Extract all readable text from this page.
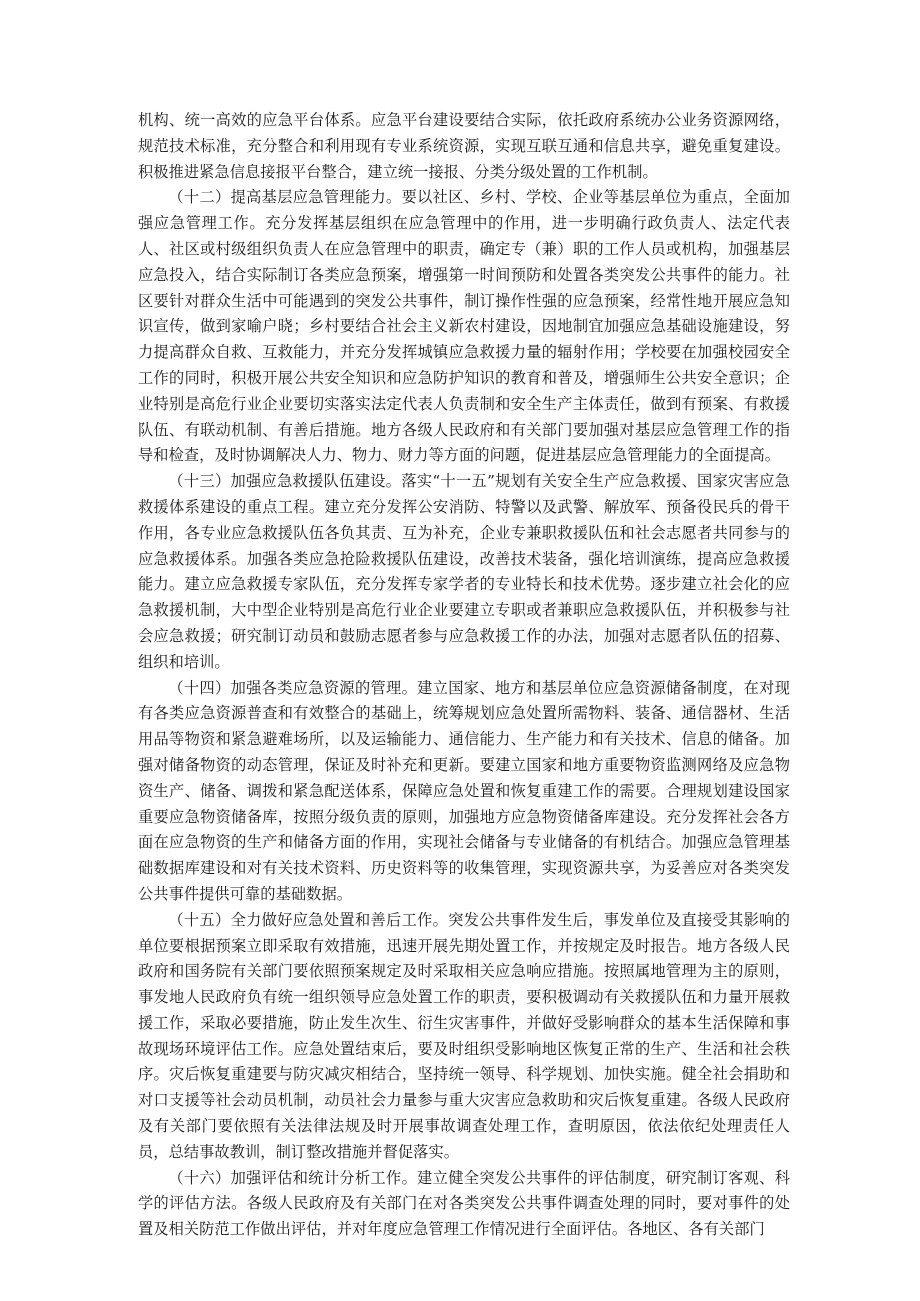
机构、统一高效的应急平台体系。应急平台建设要结合实际，依托政府系统办公业务资源网络，规范技术标准，充分整合和利用现有专业系统资源，实现互联互通和信息共享，避免重复建设。积极推进紧急信息接报平台整合，建立统一接报、分类分级处置的工作机制。

（十二）提高基层应急管理能力。要以社区、乡村、学校、企业等基层单位为重点，全面加强应急管理工作。充分发挥基层组织在应急管理中的作用，进一步明确行政负责人、法定代表人、社区或村级组织负责人在应急管理中的职责，确定专（兼）职的工作人员或机构，加强基层应急投入，结合实际制订各类应急预案，增强第一时间预防和处置各类突发公共事件的能力。社区要针对群众生活中可能遇到的突发公共事件，制订操作性强的应急预案，经常性地开展应急知识宣传，做到家喻户晓；乡村要结合社会主义新农村建设，因地制宜加强应急基础设施建设，努力提高群众自救、互救能力，并充分发挥城镇应急救援力量的辐射作用；学校要在加强校园安全工作的同时，积极开展公共安全知识和应急防护知识的教育和普及，增强师生公共安全意识；企业特别是高危行业企业要切实落实法定代表人负责制和安全生产主体责任，做到有预案、有救援队伍、有联动机制、有善后措施。地方各级人民政府和有关部门要加强对基层应急管理工作的指导和检查，及时协调解决人力、物力、财力等方面的问题，促进基层应急管理能力的全面提高。

（十三）加强应急救援队伍建设。落实“十一五”规划有关安全生产应急救援、国家灾害应急救援体系建设的重点工程。建立充分发挥公安消防、特警以及武警、解放军、预备役民兵的骨干作用，各专业应急救援队伍各负其责、互为补充，企业专兼职救援队伍和社会志愿者共同参与的应急救援体系。加强各类应急抢险救援队伍建设，改善技术装备，强化培训演练，提高应急救援能力。建立应急救援专家队伍，充分发挥专家学者的专业特长和技术优势。逐步建立社会化的应急救援机制，大中型企业特别是高危行业企业要建立专职或者兼职应急救援队伍，并积极参与社会应急救援；研究制订动员和鼓励志愿者参与应急救援工作的办法，加强对志愿者队伍的招募、组织和培训。

（十四）加强各类应急资源的管理。建立国家、地方和基层单位应急资源储备制度，在对现有各类应急资源普查和有效整合的基础上，统筹规划应急处置所需物料、装备、通信器材、生活用品等物资和紧急避难场所，以及运输能力、通信能力、生产能力和有关技术、信息的储备。加强对储备物资的动态管理，保证及时补充和更新。要建立国家和地方重要物资监测网络及应急物资生产、储备、调拨和紧急配送体系，保障应急处置和恢复重建工作的需要。合理规划建设国家重要应急物资储备库，按照分级负责的原则，加强地方应急物资储备库建设。充分发挥社会各方面在应急物资的生产和储备方面的作用，实现社会储备与专业储备的有机结合。加强应急管理基础数据库建设和对有关技术资料、历史资料等的收集管理，实现资源共享，为妥善应对各类突发公共事件提供可靠的基础数据。

（十五）全力做好应急处置和善后工作。突发公共事件发生后，事发单位及直接受其影响的单位要根据预案立即采取有效措施，迅速开展先期处置工作，并按规定及时报告。地方各级人民政府和国务院有关部门要依照预案规定及时采取相关应急响应措施。按照属地管理为主的原则，事发地人民政府负有统一组织领导应急处置工作的职责，要积极调动有关救援队伍和力量开展救援工作，采取必要措施，防止发生次生、衍生灾害事件，并做好受影响群众的基本生活保障和事故现场环境评估工作。应急处置结束后，要及时组织受影响地区恢复正常的生产、生活和社会秩序。灾后恢复重建要与防灾减灾相结合，坚持统一领导、科学规划、加快实施。健全社会捐助和对口支援等社会动员机制，动员社会力量参与重大灾害应急救助和灾后恢复重建。各级人民政府及有关部门要依照有关法律法规及时开展事故调查处理工作，查明原因，依法依纪处理责任人员，总结事故教训，制订整改措施并督促落实。

（十六）加强评估和统计分析工作。建立健全突发公共事件的评估制度，研究制订客观、科学的评估方法。各级人民政府及有关部门在对各类突发公共事件调查处理的同时，要对事件的处置及相关防范工作做出评估，并对年度应急管理工作情况进行全面评估。各地区、各有关部门
